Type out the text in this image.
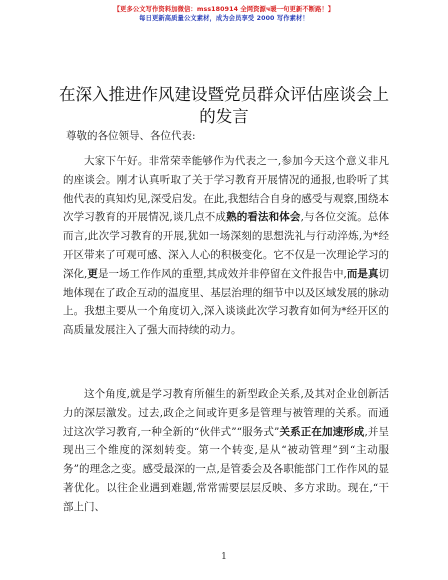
【更多公文写作资料加微信：mss180914 全网资源ч暖一句更新不断路！】
每日更新高质量公文素材，成为会员享受 2000 写作素材！
在深入推进作风建设暨党员群众评估座谈会上的发言
尊敬的各位领导、各位代表:

大家下午好。非常荣幸能够作为代表之一,参加今天这个意义非凡的座谈会。刚才认真听取了关于学习教育开展情况的通报,也聆听了其他代表的真知灼见,深受启发。在此,我想结合自身的感受与观察,围绕本次学习教育的开展情况,谈几点不成熟的看法和体会,与各位交流。总体而言,此次学习教育的开展,犹如一场深刻的思想洗礼与行动淬炼,为*经开区带来了可观可感、深入人心的积极变化。它不仅是一次理论学习的深化,更是一场工作作风的重塑,其成效并非停留在文件报告中,而是真切地体现在了政企互动的温度里、基层治理的细节中以及区域发展的脉动上。我想主要从一个角度切入,深入谈谈此次学习教育如何为*经开区的高质量发展注入了强大而持续的动力。

这个角度,就是学习教育所催生的新型政企关系,及其对企业创新活力的深层激发。过去,政企之间或许更多是管理与被管理的关系。而通过这次学习教育,一种全新的“伙伴式”“服务式”关系正在加速形成,并呈现出三个维度的深刻转变。第一个转变,是从“被动管理”到“主动服务”的理念之变。感受最深的一点,是管委会及各职能部门工作作风的显著优化。以往企业遇到难题,常常需要层层反映、多方求助。现在,“干部上门、

1
